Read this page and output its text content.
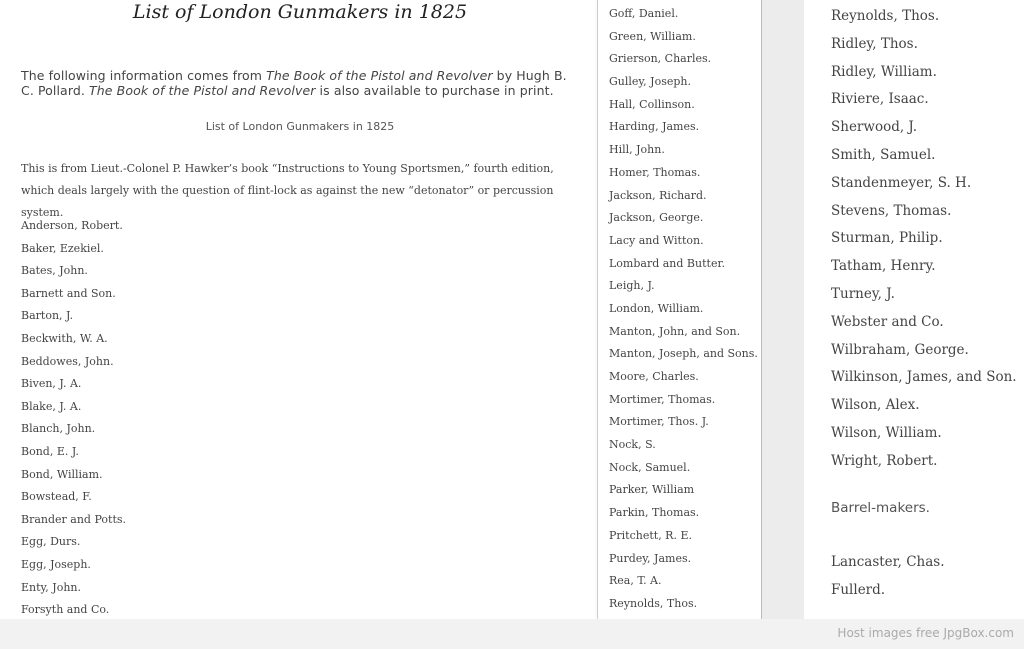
List of London Gunmakers in 1825
The following information comes from The Book of the Pistol and Revolver by Hugh B. C. Pollard. The Book of the Pistol and Revolver is also available to purchase in print.
List of London Gunmakers in 1825
This is from Lieut.-Colonel P. Hawker’s book “Instructions to Young Sportsmen,” fourth edition, which deals largely with the question of flint-lock as against the new “detonator” or percussion system.
Anderson, Robert.
Baker, Ezekiel.
Bates, John.
Barnett and Son.
Barton, J.
Beckwith, W. A.
Beddowes, John.
Biven, J. A.
Blake, J. A.
Blanch, John.
Bond, E. J.
Bond, William.
Bowstead, F.
Brander and Potts.
Egg, Durs.
Egg, Joseph.
Enty, John.
Forsyth and Co.
Goff, Daniel.
Green, William.
Grierson, Charles.
Gulley, Joseph.
Hall, Collinson.
Harding, James.
Hill, John.
Homer, Thomas.
Jackson, Richard.
Jackson, George.
Lacy and Witton.
Lombard and Butter.
Leigh, J.
London, William.
Manton, John, and Son.
Manton, Joseph, and Sons.
Moore, Charles.
Mortimer, Thomas.
Mortimer, Thos. J.
Nock, S.
Nock, Samuel.
Parker, William
Parkin, Thomas.
Pritchett, R. E.
Purdey, James.
Rea, T. A.
Reynolds, Thos.
Reynolds, Thos.
Ridley, Thos.
Ridley, William.
Riviere, Isaac.
Sherwood, J.
Smith, Samuel.
Standenmeyer, S. H.
Stevens, Thomas.
Sturman, Philip.
Tatham, Henry.
Turney, J.
Webster and Co.
Wilbraham, George.
Wilkinson, James, and Son.
Wilson, Alex.
Wilson, William.
Wright, Robert.
Barrel-makers.
Lancaster, Chas.
Fullerd.
Host images free JpgBox.com
